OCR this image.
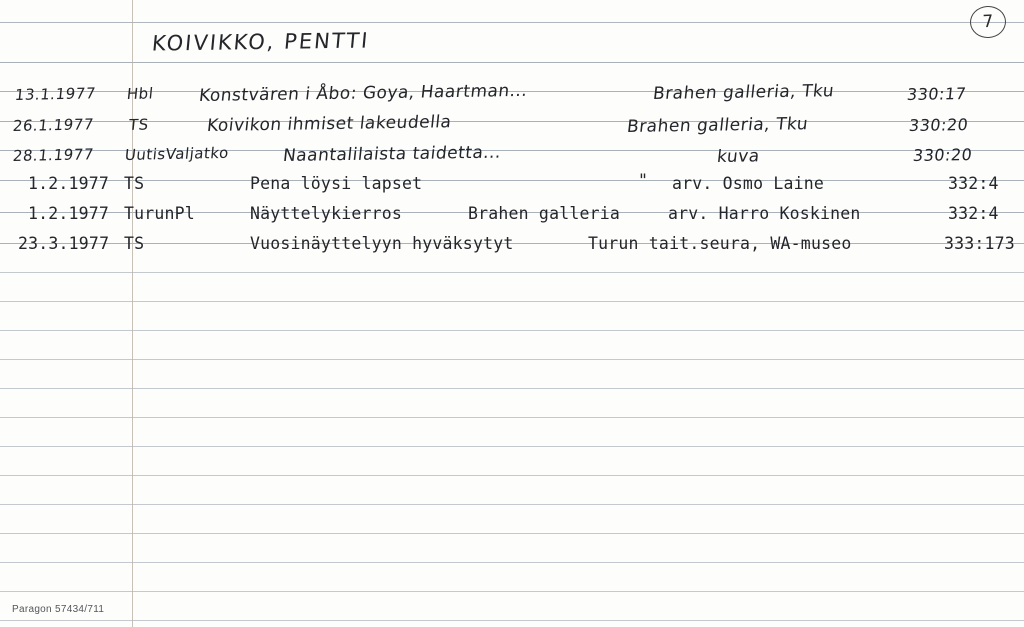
KOIVIKKO, PENTTI
7
13.1.1977 Hbl	Konstvären i Åbo: Goya, Haartman...	Brahen galleria, Tku	330:17
26.1.1977 TS	Koivikon ihmiset lakeudella	Brahen galleria, Tku	330:20
28.1.1977 UutisValjatko	Naantalilaista taidetta...	kuva	330:20
1.2.1977 TS	Pena löysi lapset	" arv. Osmo Laine	332:4
1.2.1977 TurunPl	Näyttelykierros	Brahen galleria	arv. Harro Koskinen	332:4
23.3.1977 TS	Vuosinäyttelyyn hyväksytyt	Turun tait.seura, WA-museo	333:173
Paragon 57434/711
